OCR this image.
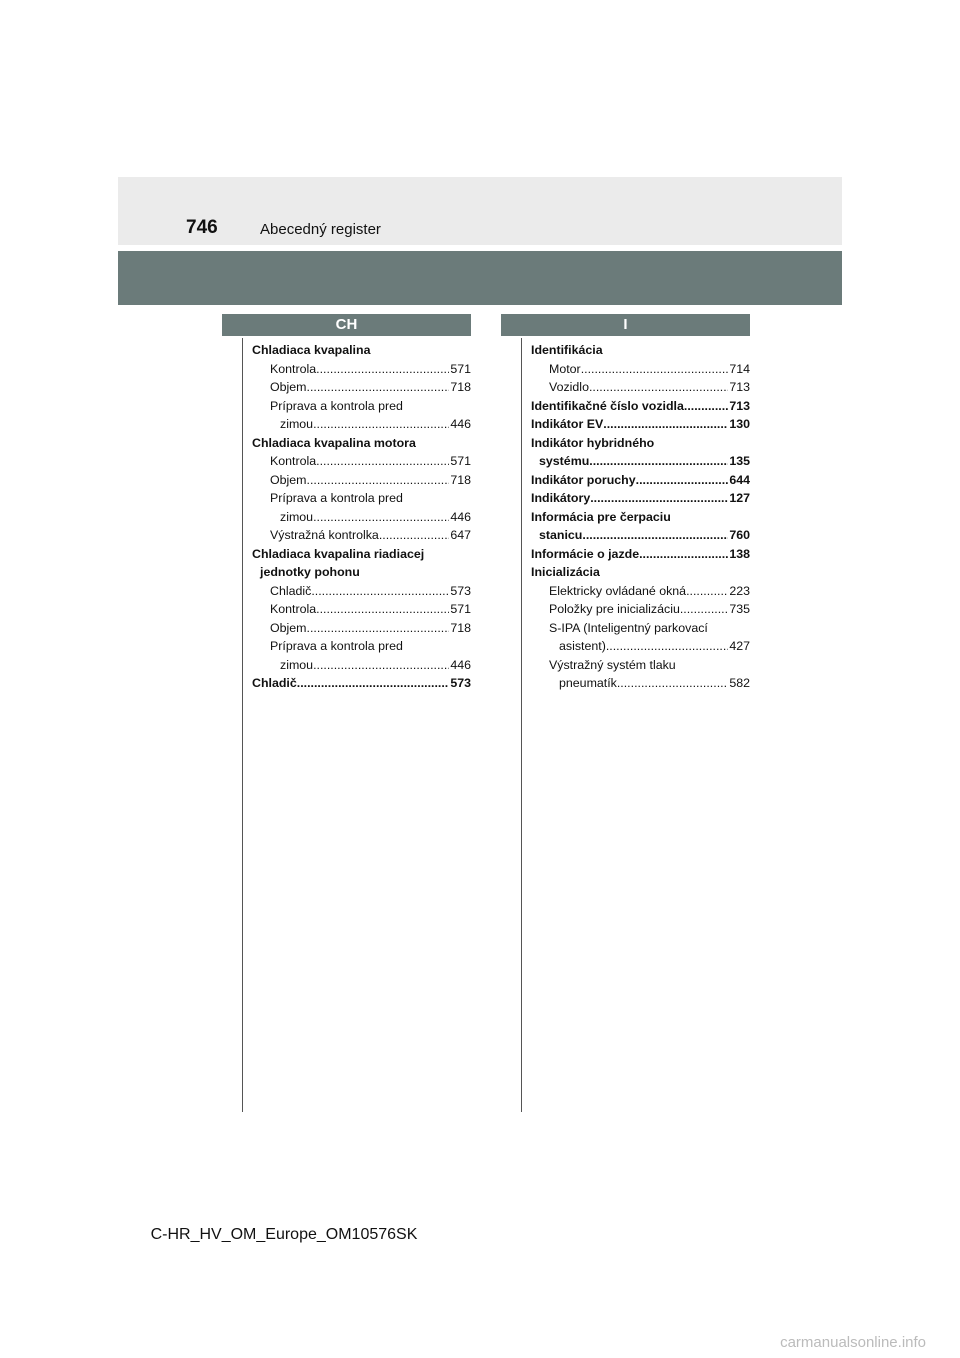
746	Abecedný register
CH	I
Chladiaca kvapalina
Kontrola .....	571
Objem .....	718
Príprava a kontrola pred
zimou .....	446
Chladiaca kvapalina motora
Kontrola .....	571
Objem .....	718
Príprava a kontrola pred
zimou .....	446
Výstražná kontrolka .....	647
Chladiaca kvapalina riadiacej
jednotky pohonu
Chladič .....	573
Kontrola .....	571
Objem .....	718
Príprava a kontrola pred
zimou .....	446
Chladič .....	573
Identifikácia
Motor .....	714
Vozidlo .....	713
Identifikačné číslo vozidla .....	713
Indikátor EV .....	130
Indikátor hybridného
systému .....	135
Indikátor poruchy .....	644
Indikátory .....	127
Informácia pre čerpaciu
stanicu .....	760
Informácie o jazde .....	138
Inicializácia
Elektricky ovládané okná .....	223
Položky pre inicializáciu .....	735
S-IPA (Inteligentný parkovací
asistent) .....	427
Výstražný systém tlaku
pneumatík .....	582
C-HR_HV_OM_Europe_OM10576SK
carmanualsonline.info
